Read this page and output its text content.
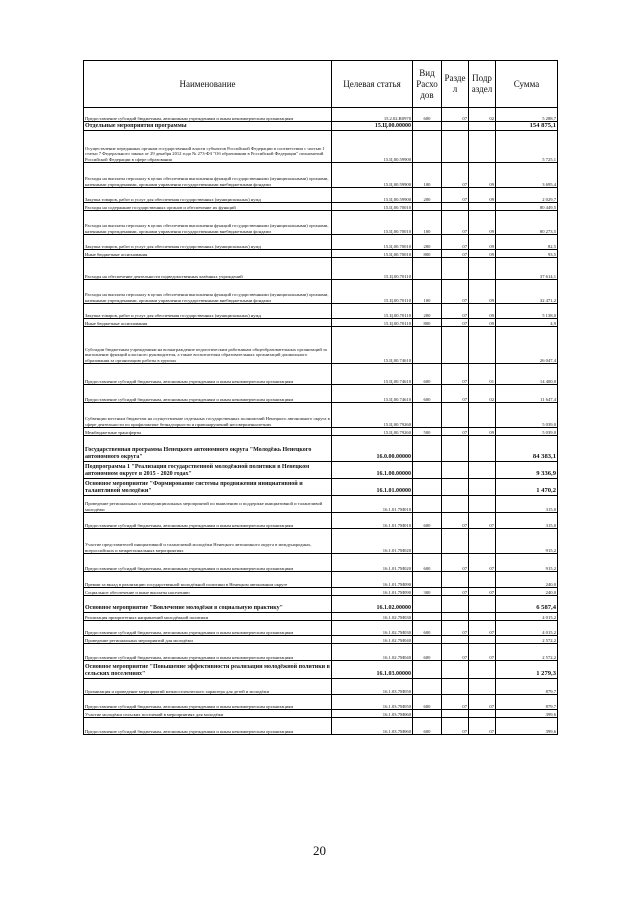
Наименование	Целевая статья	Вид Расхо дов	Разде л	Подр аздел	Сумма
Предоставление субсидий бюджетным, автономным учреждениям и иным некоммерческим организациям	15.2.02.R0970	600	07	02	5 288,7
Отдельные мероприятия программы	15.Ц.00.00000				154 875,1
Осуществление переданных органам государственной власти субъектов Российской Федерации в соответствии с частью 1 статьи 7 Федерального закона от 29 декабря 2012 года № 273-ФЗ "Об образовании в Российской Федерации" полномочий Российской Федерации в сфере образования	15.Ц.00.59900				5 725,1
Расходы на выплаты персоналу в целях обеспечения выполнения функций государственными (муниципальными) органами, казенными учреждениями, органами управления государственными внебюджетными фондами	15.Ц.00.59900	100	07	09	3 695,4
Закупка товаров, работ и услуг для обеспечения государственных (муниципальных) нужд	15.Ц.00.59900	200	07	09	2 029,7
Расходы на содержание государственных органов и обеспечение их функций	15.Ц.00.70010				80 449,5
Расходы на выплаты персоналу в целях обеспечения выполнения функций государственными (муниципальными) органами, казенными учреждениями, органами управления государственными внебюджетными фондами	15.Ц.00.70010	100	07	09	80 273,5
Закупка товаров, работ и услуг для обеспечения государственных (муниципальных) нужд	15.Ц.00.70010	200	07	09	82,5
Иные бюджетные ассигнования	15.Ц.00.70010	800	07	09	93,5
Расходы на обеспечение деятельности подведомственных казённых учреждений	15.Ц.00.70110				37 614,1
Расходы на выплаты персоналу в целях обеспечения выполнения функций государственными (муниципальными) органами, казенными учреждениями, органами управления государственными внебюджетными фондами	15.Ц.00.70110	100	07	09	32 471,2
Закупка товаров, работ и услуг для обеспечения государственных (муниципальных) нужд	15.Ц.00.70110	200	07	09	5 138,0
Иные бюджетные ассигнования	15.Ц.00.70110	800	07	09	4,9
Субсидии бюджетным учреждениям на вознаграждение педагогическим работникам общеобразовательных организаций за выполнение функций классного руководителя, а также воспитателям образовательных организаций дошкольного образования за организацию работы в группах	15.Ц.00.74610				26 047,4
Предоставление субсидий бюджетным, автономным учреждениям и иным некоммерческим организациям	15.Ц.00.74610	600	07	01	14 400,0
Предоставление субсидий бюджетным, автономным учреждениям и иным некоммерческим организациям	15.Ц.00.74610	600	07	02	11 647,4
Субвенции местным бюджетам на осуществление отдельных государственных полномочий Ненецкого автономного округа в сфере деятельности по профилактике безнадзорности и правонарушений несовершеннолетних	15.Ц.00.79260				5 039,0
Межбюджетные трансферты	15.Ц.00.79260	500	07	09	5 039,0
Государственная программа Ненецкого автономного округа "Молодёжь Ненецкого автономного округа"	16.0.00.00000				84 383,1
Подпрограмма 1 "Реализация государственной молодёжной политики в Ненецком автономном округе в 2015 - 2020 годах"	16.1.00.00000				9 336,9
Основное мероприятие "Формирование системы продвижения инициативной и талантливой молодёжи"	16.1.01.00000				1 470,2
Проведение региональных и межмуниципальных мероприятий по выявлению и поддержке инициативной и талантливой молодёжи	16.1.01.7М010				315,0
Предоставление субсидий бюджетным, автономным учреждениям и иным некоммерческим организациям	16.1.01.7М010	600	07	07	315,0
Участие представителей инициативной и талантливой молодёжи Ненецкого автономного округа в международных, всероссийских и межрегиональных мероприятиях	16.1.01.7М020				915,2
Предоставление субсидий бюджетным, автономным учреждениям и иным некоммерческим организациям	16.1.01.7М020	600	07	07	915,2
Премии за вклад в реализацию государственной молодёжной политики в Ненецком автономном округе	16.1.01.7М090				240,0
Социальное обеспечение и иные выплаты населению	16.1.01.7М090	300	07	07	240,0
Основное мероприятие "Вовлечение молодёжи в социальную практику"	16.1.02.00000				6 587,4
Реализация приоритетных направлений молодёжной политики	16.1.02.7М030				4 015,2
Предоставление субсидий бюджетным, автономным учреждениям и иным некоммерческим организациям	16.1.02.7М030	600	07	07	4 015,2
Проведение региональных мероприятий для молодёжи	16.1.02.7М040				2 572,2
Предоставление субсидий бюджетным, автономным учреждениям и иным некоммерческим организациям	16.1.02.7М040	600	07	07	2 572,2
Основное мероприятие "Повышение эффективности реализации молодёжной политики в сельских поселениях"	16.1.03.00000				1 279,3
Организация и проведение мероприятий межпоселенческого характера для детей и молодёжи	16.1.03.7М050				879,7
Предоставление субсидий бюджетным, автономным учреждениям и иным некоммерческим организациям	16.1.03.7М050	600	07	07	879,7
Участие молодёжи сельских поселений в мероприятиях для молодёжи	16.1.03.7М060				399,6
Предоставление субсидий бюджетным, автономным учреждениям и иным некоммерческим организациям	16.1.03.7М060	600	07	07	399,6
20
